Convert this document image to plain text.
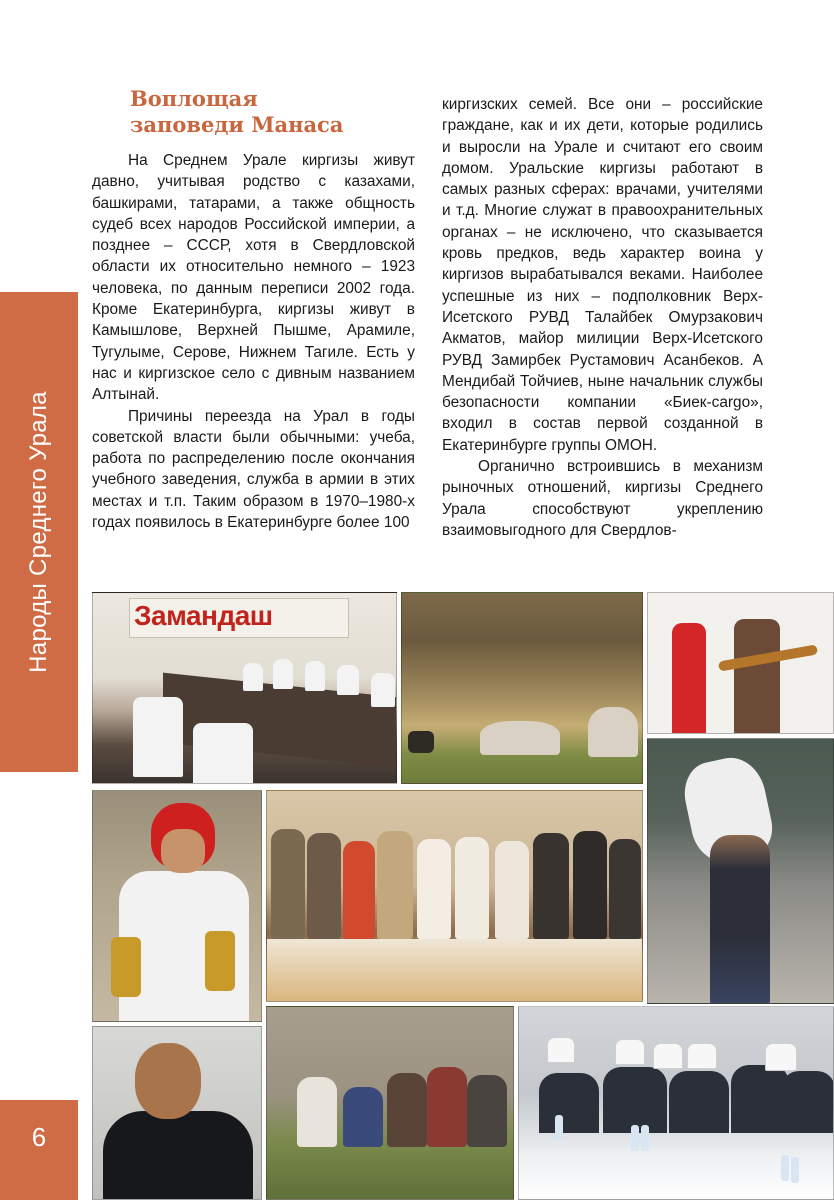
Народы Среднего Урала
6
Воплощая
заповеди Манаса

На Среднем Урале киргизы живут давно, учитывая родство с казахами, башкирами, татарами, а также общность судеб всех народов Российской империи, а позднее – СССР, хотя в Свердловской области их относительно немного – 1923 человека, по данным переписи 2002 года. Кроме Екатеринбурга, киргизы живут в Камышлове, Верхней Пышме, Арамиле, Тугулыме, Серове, Нижнем Тагиле. Есть у нас и киргизское село с дивным названием Алтынай.

Причины переезда на Урал в годы советской власти были обычными: учеба, работа по распределению после окончания учебного заведения, служба в армии в этих местах и т.п. Таким образом в 1970–1980-х годах появилось в Екатеринбурге более 100

киргизских семей. Все они – российские граждане, как и их дети, которые родились и выросли на Урале и считают его своим домом. Уральские киргизы работают в самых разных сферах: врачами, учителями и т.д. Многие служат в правоохранительных органах – не исключено, что сказывается кровь предков, ведь характер воина у киргизов вырабатывался веками. Наиболее успешные из них – подполковник Верх-Исетского РУВД Талайбек Омурзакович Акматов, майор милиции Верх-Исетского РУВД Замирбек Рустамович Асанбеков. А Мендибай Тойчиев, ныне начальник службы безопасности компании «Биек-cargo», входил в состав первой созданной в Екатеринбурге группы ОМОН.

Органично встроившись в механизм рыночных отношений, киргизы Среднего Урала способствуют укреплению взаимовыгодного для Свердлов-

Замандаш
